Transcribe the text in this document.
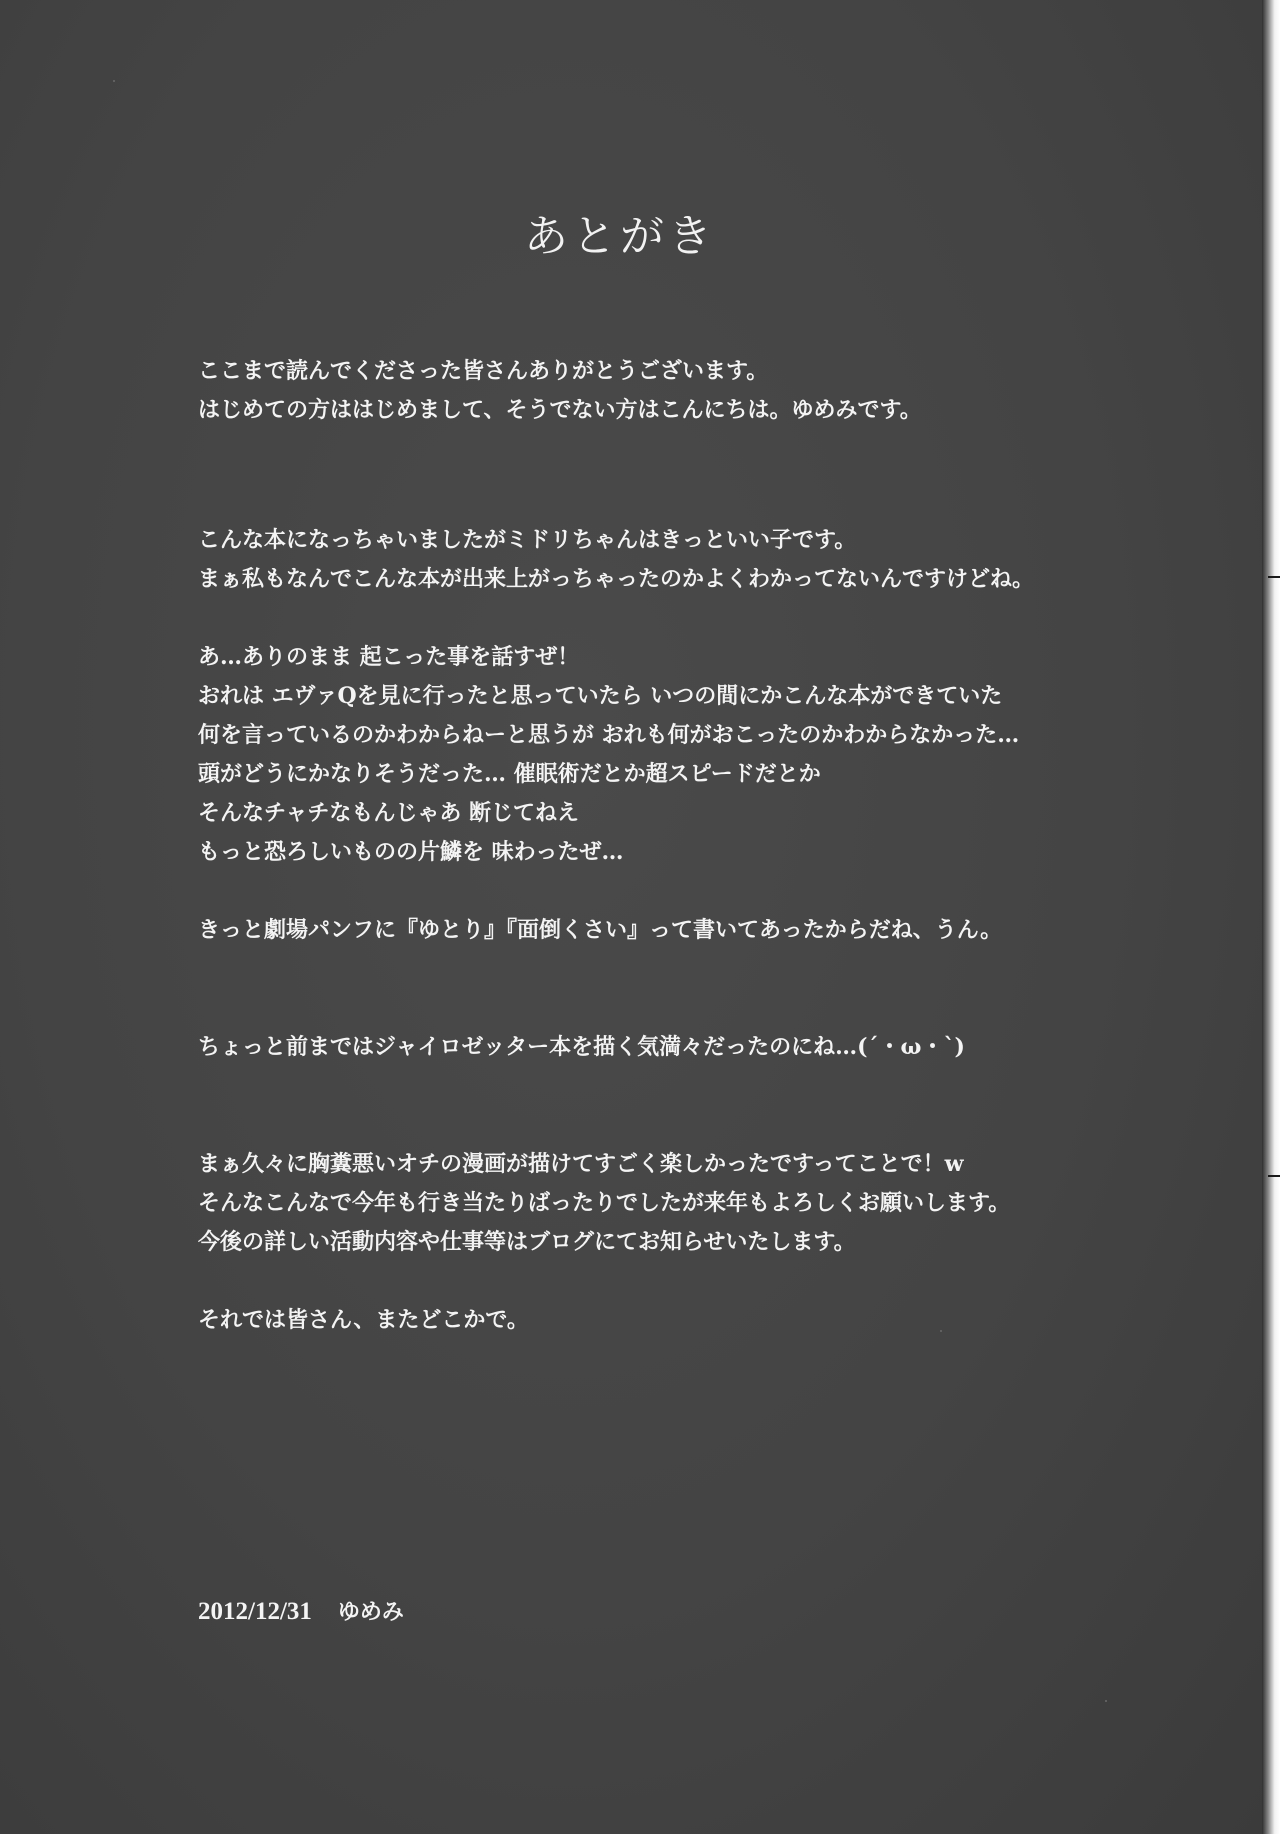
あとがき

ここまで読んでくださった皆さんありがとうございます。
はじめての方ははじめまして、そうでない方はこんにちは。ゆめみです。

こんな本になっちゃいましたがミドリちゃんはきっといい子です。
まぁ私もなんでこんな本が出来上がっちゃったのかよくわかってないんですけどね。

あ…ありのまま 起こった事を話すぜ！
おれは エヴァQを見に行ったと思っていたら いつの間にかこんな本ができていた
何を言っているのかわからねーと思うが おれも何がおこったのかわからなかった…
頭がどうにかなりそうだった… 催眠術だとか超スピードだとか
そんなチャチなもんじゃあ 断じてねえ
もっと恐ろしいものの片鱗を 味わったぜ…

きっと劇場パンフに『ゆとり』『面倒くさい』って書いてあったからだね、うん。

ちょっと前まではジャイロゼッター本を描く気満々だったのにね…(´・ω・`)

まぁ久々に胸糞悪いオチの漫画が描けてすごく楽しかったですってことで！w
そんなこんなで今年も行き当たりばったりでしたが来年もよろしくお願いします。
今後の詳しい活動内容や仕事等はブログにてお知らせいたします。

それでは皆さん、またどこかで。

2012/12/31 ゆめみ
